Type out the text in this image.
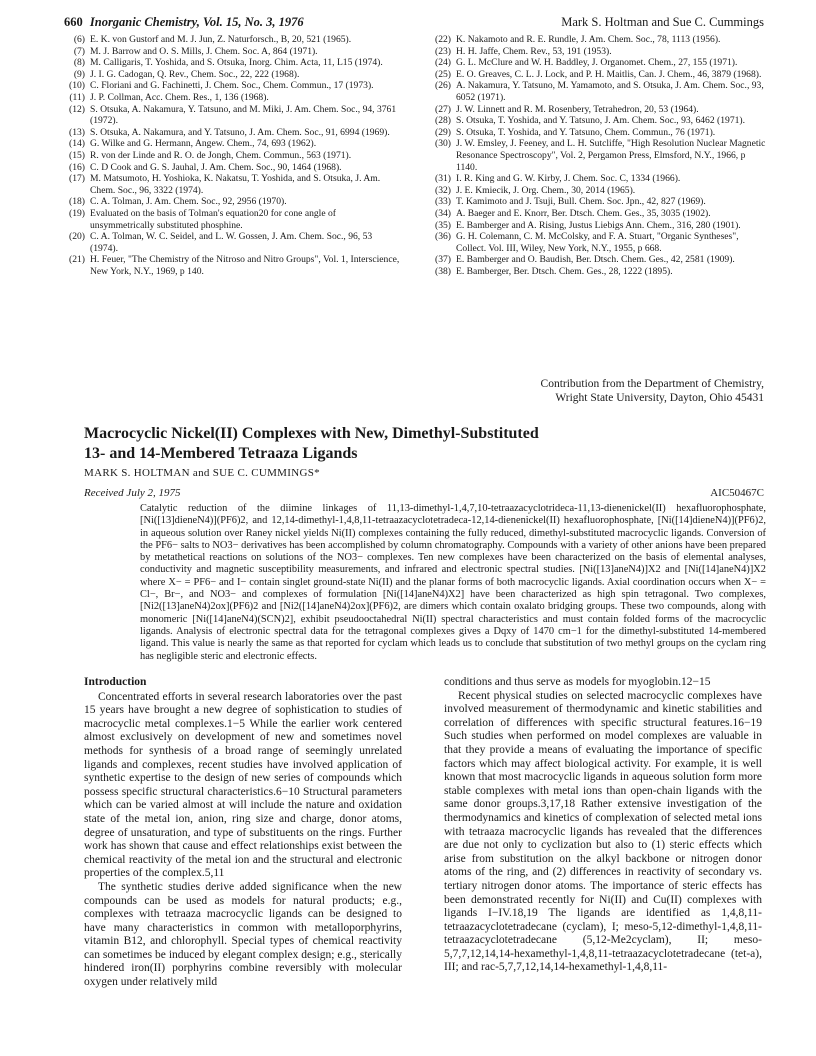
660 Inorganic Chemistry, Vol. 15, No. 3, 1976	Mark S. Holtman and Sue C. Cummings
(6) E. K. von Gustorf and M. J. Jun, Z. Naturforsch., B, 20, 521 (1965).
(7) M. J. Barrow and O. S. Mills, J. Chem. Soc. A, 864 (1971).
(8) M. Calligaris, T. Yoshida, and S. Otsuka, Inorg. Chim. Acta, 11, L15 (1974).
(9) J. I. G. Cadogan, Q. Rev., Chem. Soc., 22, 222 (1968).
(10) C. Floriani and G. Fachinetti, J. Chem. Soc., Chem. Commun., 17 (1973).
(11) J. P. Collman, Acc. Chem. Res., 1, 136 (1968).
(12) S. Otsuka, A. Nakamura, Y. Tatsuno, and M. Miki, J. Am. Chem. Soc., 94, 3761 (1972).
(13) S. Otsuka, A. Nakamura, and Y. Tatsuno, J. Am. Chem. Soc., 91, 6994 (1969).
(14) G. Wilke and G. Hermann, Angew. Chem., 74, 693 (1962).
(15) R. von der Linde and R. O. de Jongh, Chem. Commun., 563 (1971).
(16) C. D Cook and G. S. Jauhal, J. Am. Chem. Soc., 90, 1464 (1968).
(17) M. Matsumoto, H. Yoshioka, K. Nakatsu, T. Yoshida, and S. Otsuka, J. Am. Chem. Soc., 96, 3322 (1974).
(18) C. A. Tolman, J. Am. Chem. Soc., 92, 2956 (1970).
(19) Evaluated on the basis of Tolman's equation20 for cone angle of unsymmetrically substituted phosphine.
(20) C. A. Tolman, W. C. Seidel, and L. W. Gossen, J. Am. Chem. Soc., 96, 53 (1974).
(21) H. Feuer, "The Chemistry of the Nitroso and Nitro Groups", Vol. 1, Interscience, New York, N.Y., 1969, p 140.
(22) K. Nakamoto and R. E. Rundle, J. Am. Chem. Soc., 78, 1113 (1956).
(23) H. H. Jaffe, Chem. Rev., 53, 191 (1953).
(24) G. L. McClure and W. H. Baddley, J. Organomet. Chem., 27, 155 (1971).
(25) E. O. Greaves, C. L. J. Lock, and P. H. Maitlis, Can. J. Chem., 46, 3879 (1968).
(26) A. Nakamura, Y. Tatsuno, M. Yamamoto, and S. Otsuka, J. Am. Chem. Soc., 93, 6052 (1971).
(27) J. W. Linnett and R. M. Rosenbery, Tetrahedron, 20, 53 (1964).
(28) S. Otsuka, T. Yoshida, and Y. Tatsuno, J. Am. Chem. Soc., 93, 6462 (1971).
(29) S. Otsuka, T. Yoshida, and Y. Tatsuno, Chem. Commun., 76 (1971).
(30) J. W. Emsley, J. Feeney, and L. H. Sutcliffe, "High Resolution Nuclear Magnetic Resonance Spectroscopy", Vol. 2, Pergamon Press, Elmsford, N.Y., 1966, p 1140.
(31) I. R. King and G. W. Kirby, J. Chem. Soc. C, 1334 (1966).
(32) J. E. Kmiecik, J. Org. Chem., 30, 2014 (1965).
(33) T. Kamimoto and J. Tsuji, Bull. Chem. Soc. Jpn., 42, 827 (1969).
(34) A. Baeger and E. Knorr, Ber. Dtsch. Chem. Ges., 35, 3035 (1902).
(35) E. Bamberger and A. Rising, Justus Liebigs Ann. Chem., 316, 280 (1901).
(36) G. H. Colemann, C. M. McColsky, and F. A. Stuart, "Organic Syntheses", Collect. Vol. III, Wiley, New York, N.Y., 1955, p 668.
(37) E. Bamberger and O. Baudish, Ber. Dtsch. Chem. Ges., 42, 2581 (1909).
(38) E. Bamberger, Ber. Dtsch. Chem. Ges., 28, 1222 (1895).
Contribution from the Department of Chemistry,
Wright State University, Dayton, Ohio 45431
Macrocyclic Nickel(II) Complexes with New, Dimethyl-Substituted
13- and 14-Membered Tetraaza Ligands
MARK S. HOLTMAN and SUE C. CUMMINGS*
Received July 2, 1975	AIC50467C
Catalytic reduction of the diimine linkages of 11,13-dimethyl-1,4,7,10-tetraazacyclotrideca-11,13-dienenickel(II) hexafluorophosphate, [Ni([13]dieneN4)](PF6)2, and 12,14-dimethyl-1,4,8,11-tetraazacyclotetradeca-12,14-dienenickel(II) hexafluorophosphate, [Ni([14]dieneN4)](PF6)2, in aqueous solution over Raney nickel yields Ni(II) complexes containing the fully reduced, dimethyl-substituted macrocyclic ligands. Conversion of the PF6− salts to NO3− derivatives has been accomplished by column chromatography. Compounds with a variety of other anions have been prepared by metathetical reactions on solutions of the NO3− complexes. Ten new complexes have been characterized on the basis of elemental analyses, conductivity and magnetic susceptibility measurements, and infrared and electronic spectral studies. [Ni([13]aneN4)]X2 and [Ni([14]aneN4)]X2 where X− = PF6− and I− contain singlet ground-state Ni(II) and the planar forms of both macrocyclic ligands. Axial coordination occurs when X− = Cl−, Br−, and NO3− and complexes of formulation [Ni([14]aneN4)X2] have been characterized as high spin tetragonal. Two complexes, [Ni2([13]aneN4)2ox](PF6)2 and [Ni2([14]aneN4)2ox](PF6)2, are dimers which contain oxalato bridging groups. These two compounds, along with monomeric [Ni([14]aneN4)(SCN)2], exhibit pseudooctahedral Ni(II) spectral characteristics and must contain folded forms of the macrocyclic ligands. Analysis of electronic spectral data for the tetragonal complexes gives a Dqxy of 1470 cm−1 for the dimethyl-substituted 14-membered ligand. This value is nearly the same as that reported for cyclam which leads us to conclude that substitution of two methyl groups on the cyclam ring has negligible steric and electronic effects.
Introduction

Concentrated efforts in several research laboratories over the past 15 years have brought a new degree of sophistication to studies of macrocyclic metal complexes.1−5 While the earlier work centered almost exclusively on development of new and sometimes novel methods for synthesis of a broad range of seemingly unrelated ligands and complexes, recent studies have involved application of synthetic expertise to the design of new series of compounds which possess specific structural characteristics.6−10 Structural parameters which can be varied almost at will include the nature and oxidation state of the metal ion, anion, ring size and charge, donor atoms, degree of unsaturation, and type of substituents on the rings. Further work has shown that cause and effect relationships exist between the chemical reactivity of the metal ion and the structural and electronic properties of the complex.5,11

The synthetic studies derive added significance when the new compounds can be used as models for natural products; e.g., complexes with tetraaza macrocyclic ligands can be designed to have many characteristics in common with metalloporphyrins, vitamin B12, and chlorophyll. Special types of chemical reactivity can sometimes be induced by elegant complex design; e.g., sterically hindered iron(II) porphyrins combine reversibly with molecular oxygen under relatively mild

conditions and thus serve as models for myoglobin.12−15

Recent physical studies on selected macrocyclic complexes have involved measurement of thermodynamic and kinetic stabilities and correlation of differences with specific structural features.16−19 Such studies when performed on model complexes are valuable in that they provide a means of evaluating the importance of specific factors which may affect biological activity. For example, it is well known that most macrocyclic ligands in aqueous solution form more stable complexes with metal ions than open-chain ligands with the same donor groups.3,17,18 Rather extensive investigation of the thermodynamics and kinetics of complexation of selected metal ions with tetraaza macrocyclic ligands has revealed that the differences are due not only to cyclization but also to (1) steric effects which arise from substitution on the alkyl backbone or nitrogen donor atoms of the ring, and (2) differences in reactivity of secondary vs. tertiary nitrogen donor atoms. The importance of steric effects has been demonstrated recently for Ni(II) and Cu(II) complexes with ligands I−IV.18,19 The ligands are identified as 1,4,8,11-tetraazacyclotetradecane (cyclam), I; meso-5,12-dimethyl-1,4,8,11-tetraazacyclotetradecane (5,12-Me2cyclam), II; meso-5,7,7,12,14,14-hexamethyl-1,4,8,11-tetraazacyclotetradecane (tet-a), III; and rac-5,7,7,12,14,14-hexamethyl-1,4,8,11-
